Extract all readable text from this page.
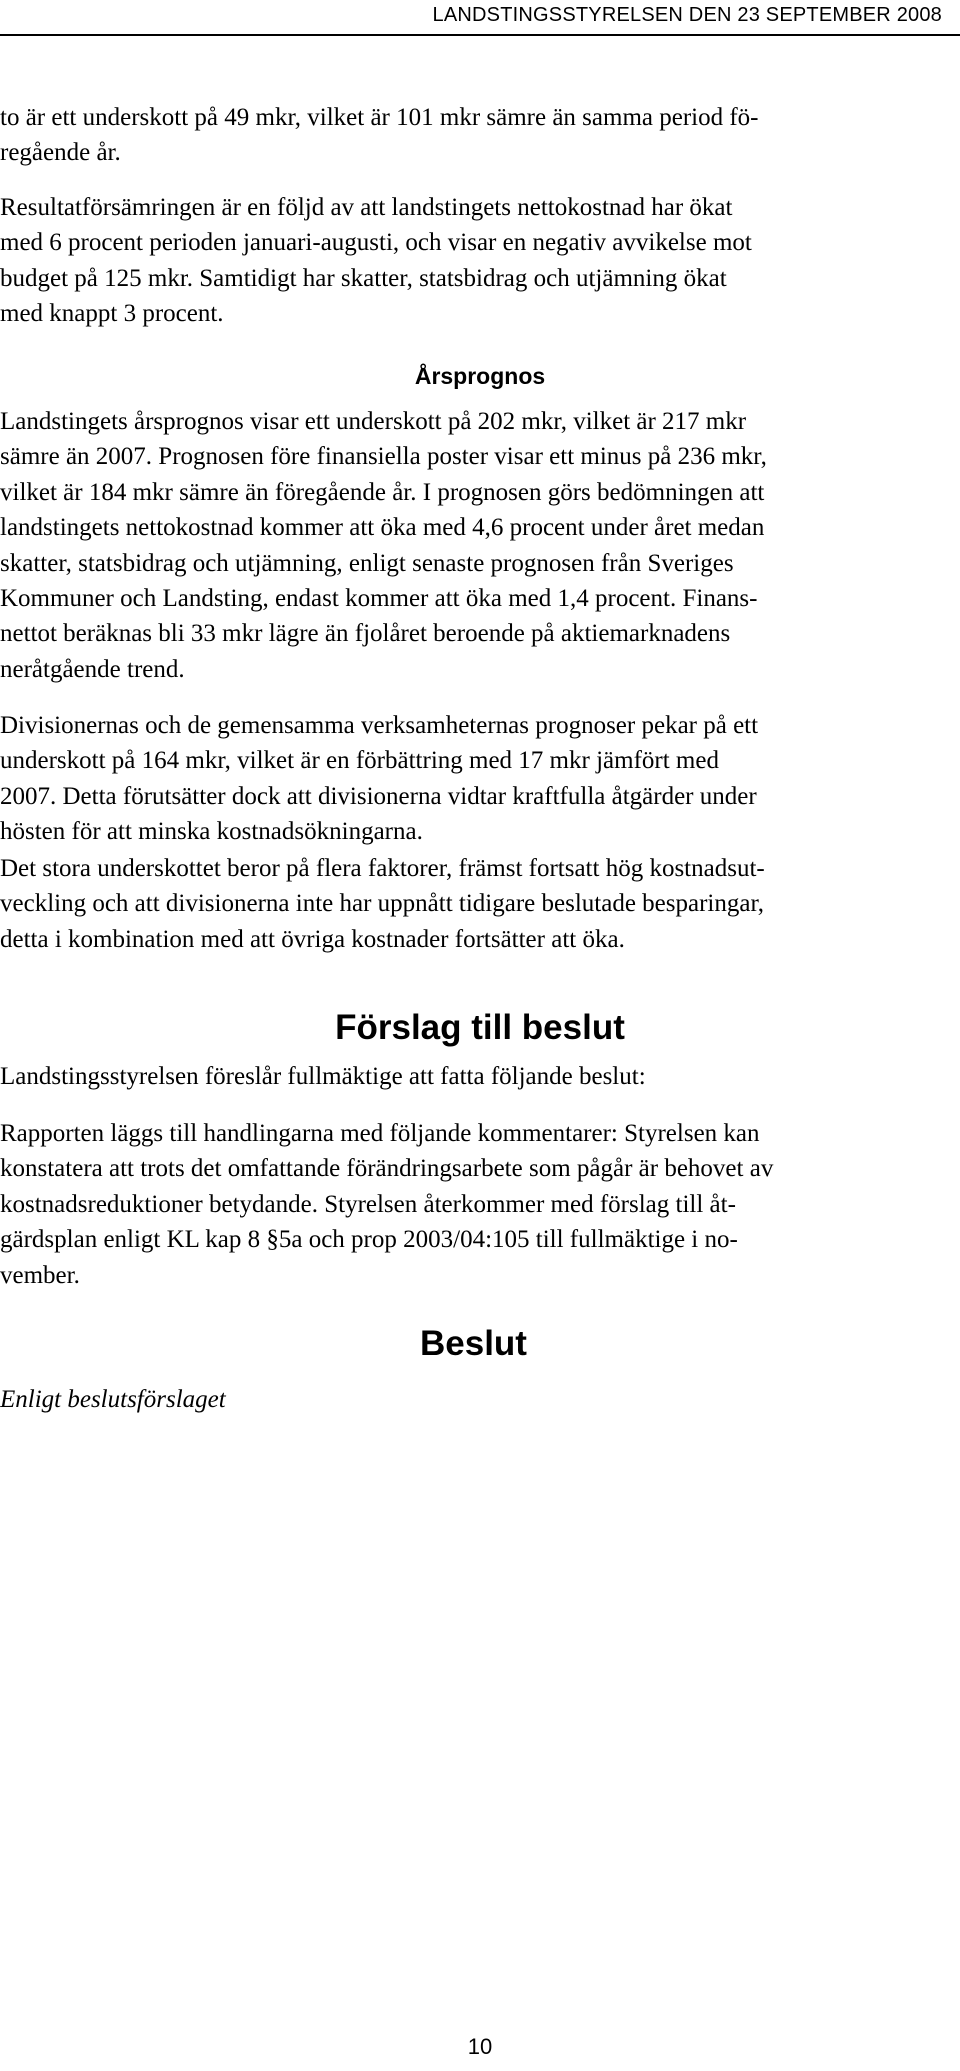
LANDSTINGSSTYRELSEN DEN 23 SEPTEMBER 2008
to är ett underskott på 49 mkr, vilket är 101 mkr sämre än samma period fö-
regående år.
Resultatförsämringen är en följd av att landstingets nettokostnad har ökat
med 6 procent perioden januari-augusti, och visar en negativ avvikelse mot
budget på 125 mkr. Samtidigt har skatter, statsbidrag och utjämning ökat
med knappt 3 procent.
Årsprognos
Landstingets årsprognos visar ett underskott på 202 mkr, vilket är 217 mkr
sämre än 2007. Prognosen före finansiella poster visar ett minus på 236 mkr,
vilket är 184 mkr sämre än föregående år. I prognosen görs bedömningen att
landstingets nettokostnad kommer att öka med 4,6 procent under året medan
skatter, statsbidrag och utjämning, enligt senaste prognosen från Sveriges
Kommuner och Landsting, endast kommer att öka med 1,4 procent. Finans-
nettot beräknas bli 33 mkr lägre än fjolåret beroende på aktiemarknadens
neråtgående trend.
Divisionernas och de gemensamma verksamheternas prognoser pekar på ett
underskott på 164 mkr, vilket är en förbättring med 17 mkr jämfört med
2007. Detta förutsätter dock att divisionerna vidtar kraftfulla åtgärder under
hösten för att minska kostnadsökningarna.
Det stora underskottet beror på flera faktorer, främst fortsatt hög kostnadsut-
veckling och att divisionerna inte har uppnått tidigare beslutade besparingar,
detta i kombination med att övriga kostnader fortsätter att öka.
Förslag till beslut
Landstingsstyrelsen föreslår fullmäktige att fatta följande beslut:
Rapporten läggs till handlingarna med följande kommentarer: Styrelsen kan
konstatera att trots det omfattande förändringsarbete som pågår är behovet av
kostnadsreduktioner betydande. Styrelsen återkommer med förslag till åt-
gärdsplan enligt KL kap 8 §5a och prop 2003/04:105 till fullmäktige i no-
vember.
Beslut
Enligt beslutsförslaget
10
